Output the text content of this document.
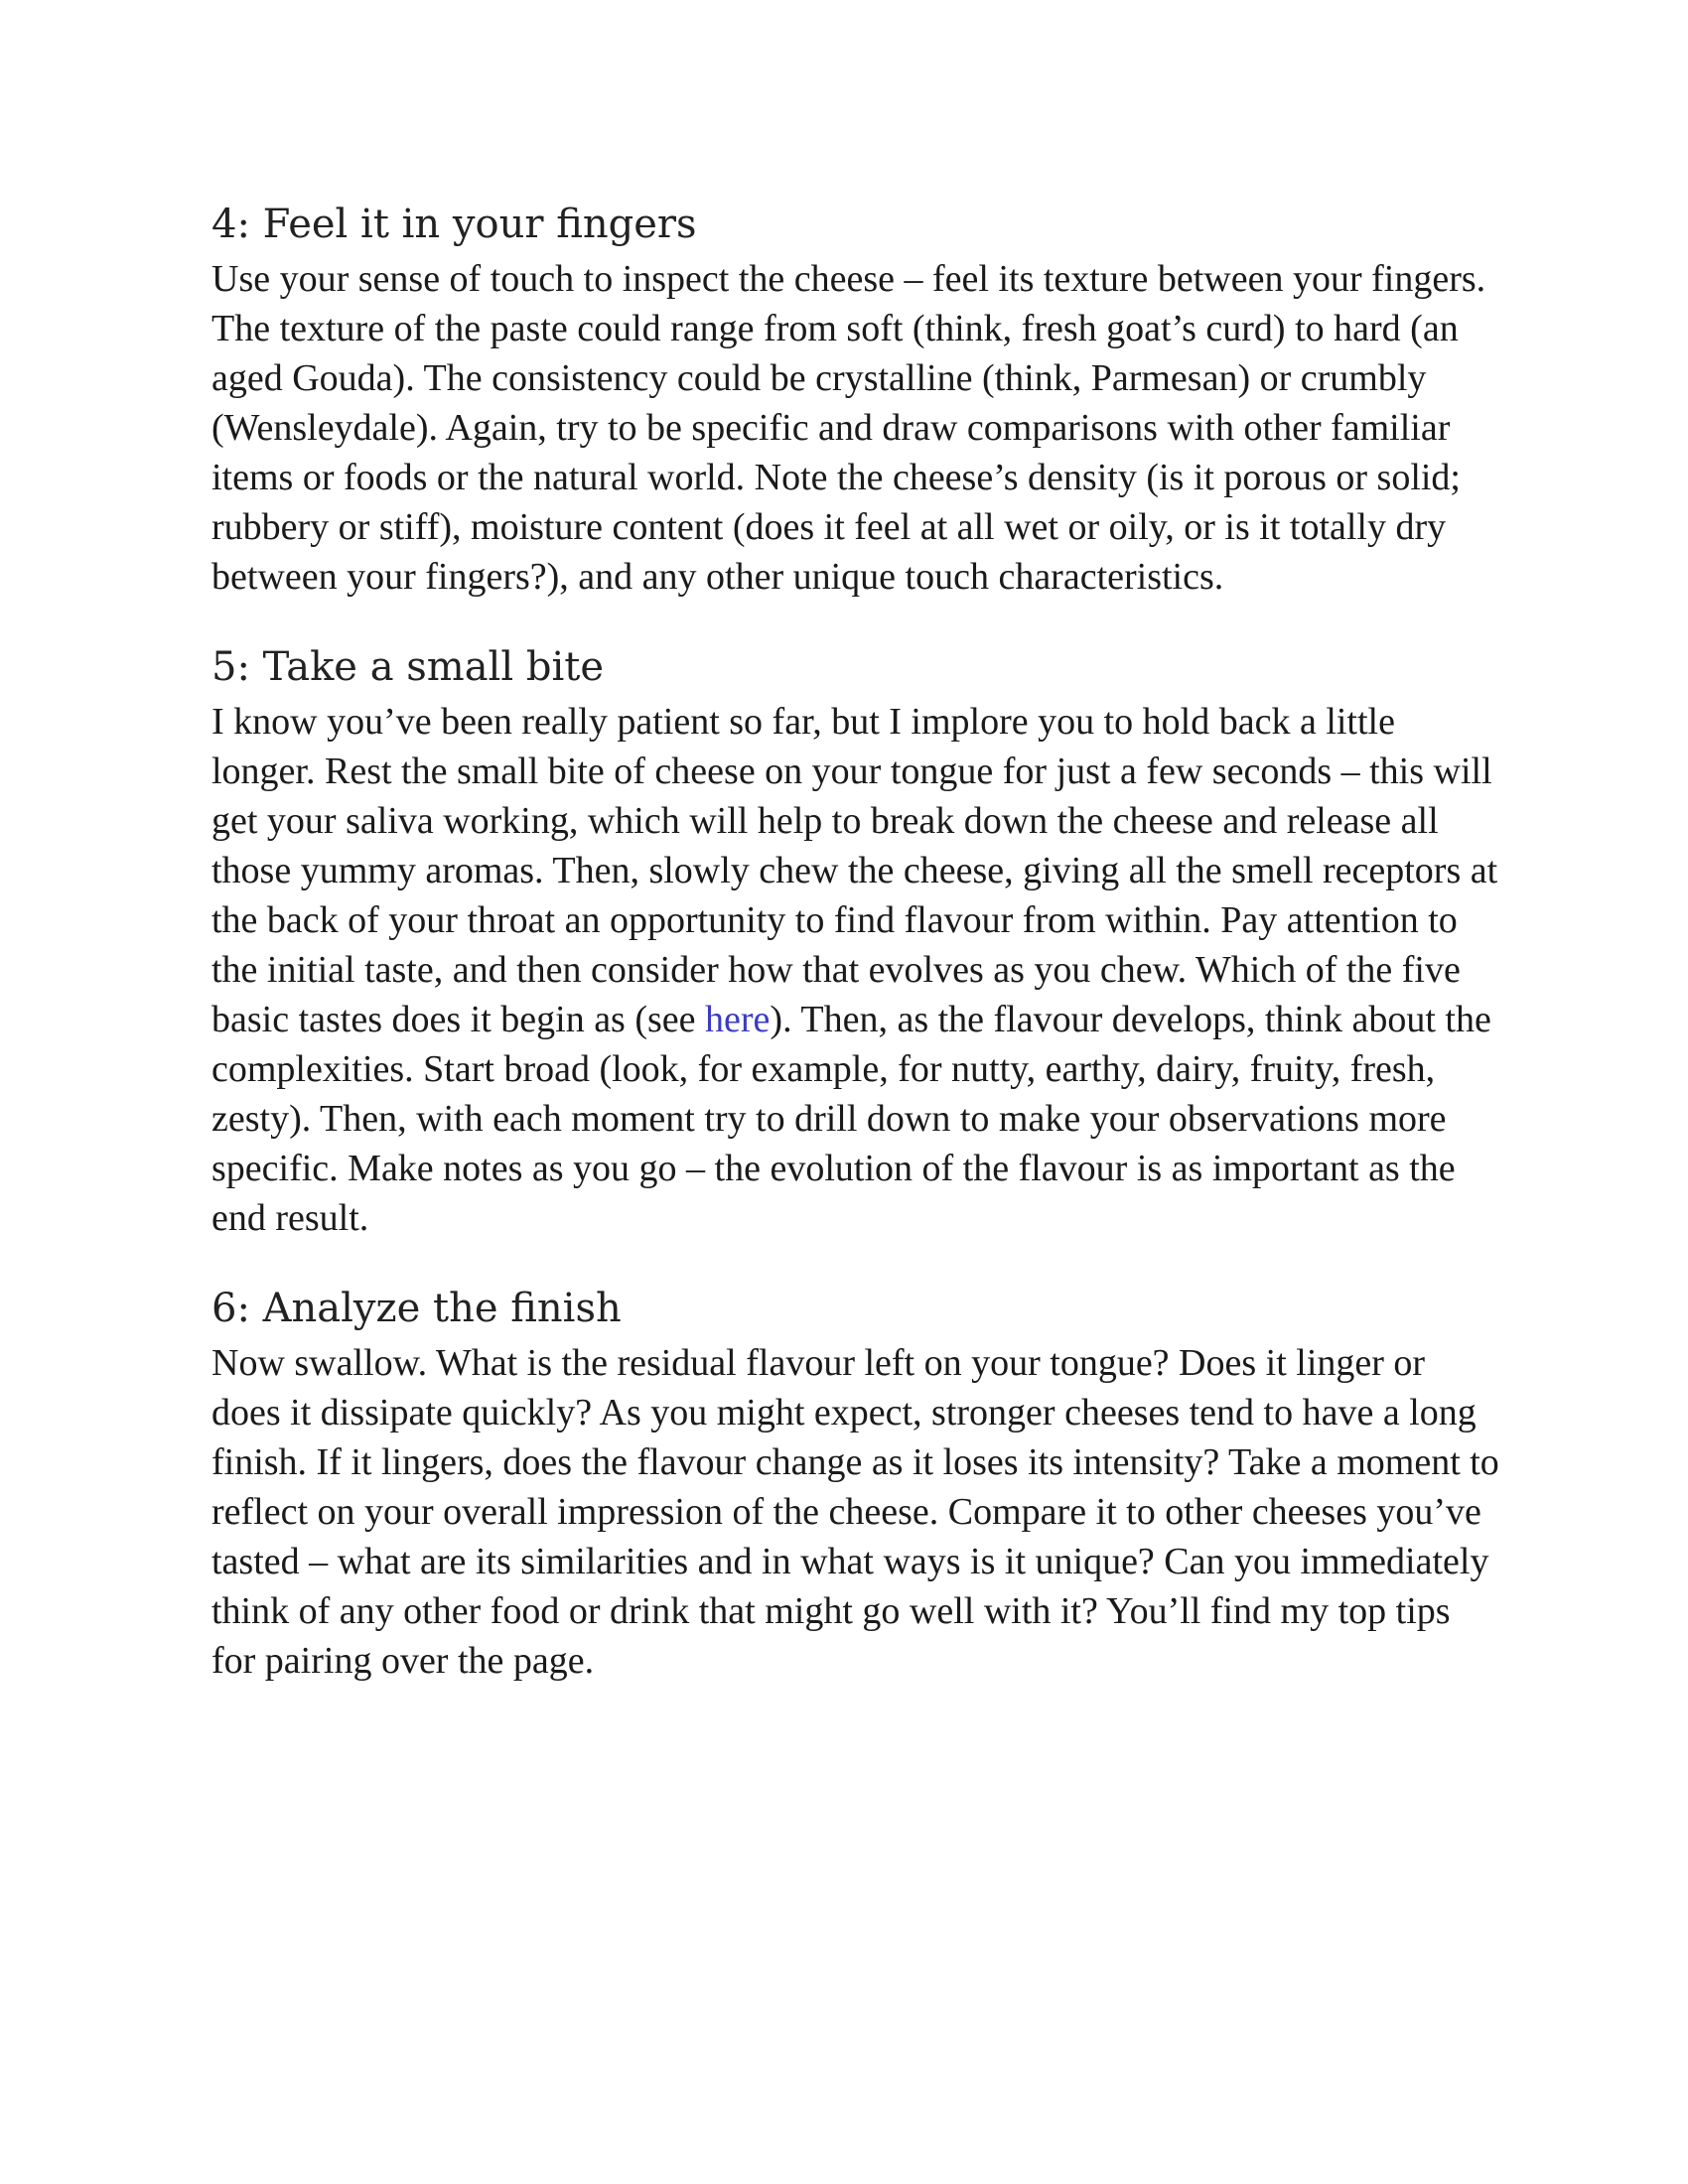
4: Feel it in your fingers

Use your sense of touch to inspect the cheese – feel its texture between your fingers. The texture of the paste could range from soft (think, fresh goat’s curd) to hard (an aged Gouda). The consistency could be crystalline (think, Parmesan) or crumbly (Wensleydale). Again, try to be specific and draw comparisons with other familiar items or foods or the natural world. Note the cheese’s density (is it porous or solid; rubbery or stiff), moisture content (does it feel at all wet or oily, or is it totally dry between your fingers?), and any other unique touch characteristics.

5: Take a small bite

I know you’ve been really patient so far, but I implore you to hold back a little longer. Rest the small bite of cheese on your tongue for just a few seconds – this will get your saliva working, which will help to break down the cheese and release all those yummy aromas. Then, slowly chew the cheese, giving all the smell receptors at the back of your throat an opportunity to find flavour from within. Pay attention to the initial taste, and then consider how that evolves as you chew. Which of the five basic tastes does it begin as (see here). Then, as the flavour develops, think about the complexities. Start broad (look, for example, for nutty, earthy, dairy, fruity, fresh, zesty). Then, with each moment try to drill down to make your observations more specific. Make notes as you go – the evolution of the flavour is as important as the end result.

6: Analyze the finish

Now swallow. What is the residual flavour left on your tongue? Does it linger or does it dissipate quickly? As you might expect, stronger cheeses tend to have a long finish. If it lingers, does the flavour change as it loses its intensity? Take a moment to reflect on your overall impression of the cheese. Compare it to other cheeses you’ve tasted – what are its similarities and in what ways is it unique? Can you immediately think of any other food or drink that might go well with it? You’ll find my top tips for pairing over the page.
